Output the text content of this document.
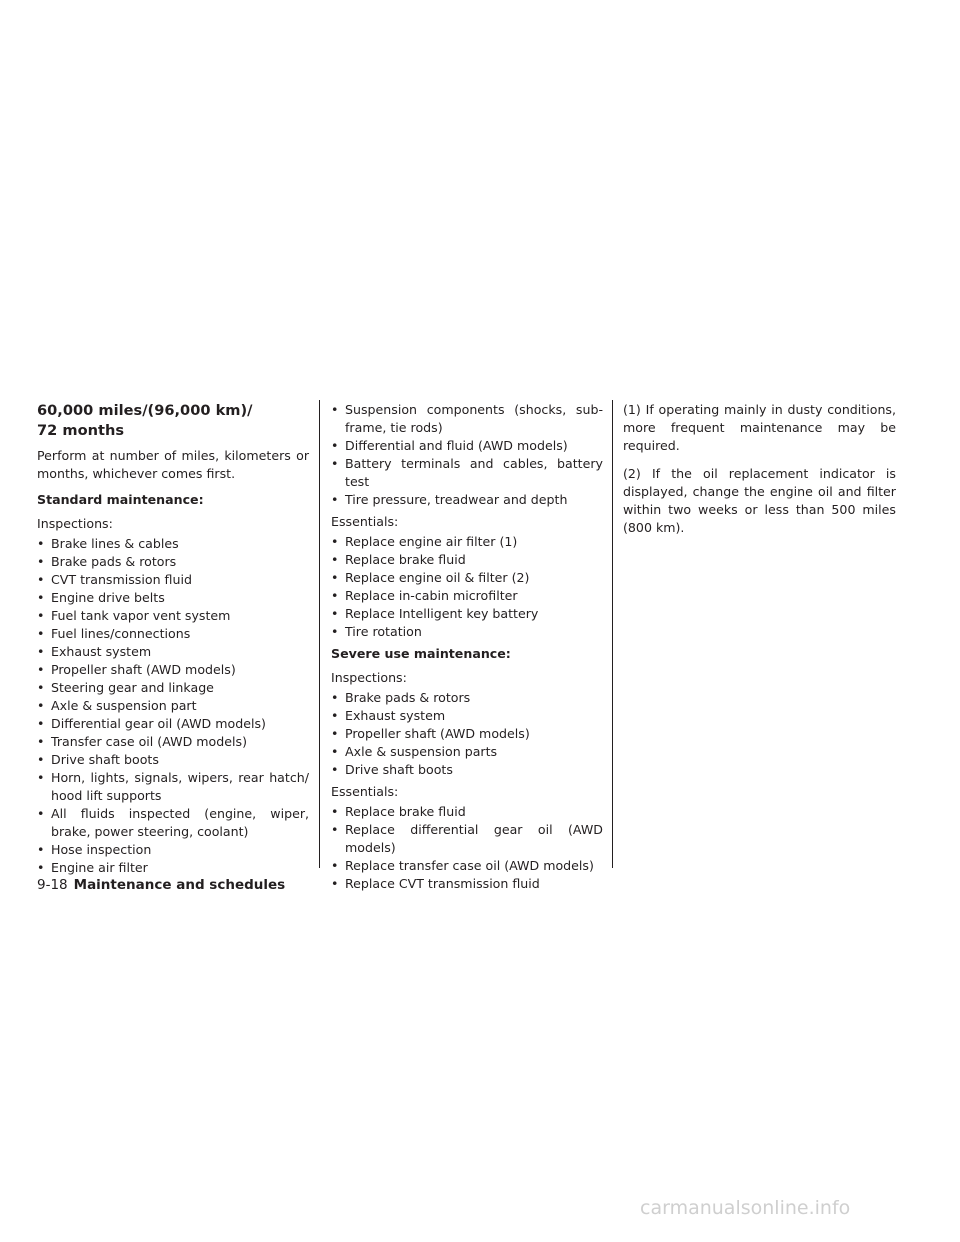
60,000 miles/(96,000 km)/
72 months

Perform at number of miles, kilometers or months, whichever comes first.

Standard maintenance:

Inspections:

• Brake lines & cables
• Brake pads & rotors
• CVT transmission fluid
• Engine drive belts
• Fuel tank vapor vent system
• Fuel lines/connections
• Exhaust system
• Propeller shaft (AWD models)
• Steering gear and linkage
• Axle & suspension part
• Differential gear oil (AWD models)
• Transfer case oil (AWD models)
• Drive shaft boots
• Horn, lights, signals, wipers, rear hatch/ hood lift supports
• All fluids inspected (engine, wiper, brake, power steering, coolant)
• Hose inspection
• Engine air filter
• Suspension components (shocks, sub-frame, tie rods)
• Differential and fluid (AWD models)
• Battery terminals and cables, battery test
• Tire pressure, treadwear and depth

Essentials:

• Replace engine air filter (1)
• Replace brake fluid
• Replace engine oil & filter (2)
• Replace in-cabin microfilter
• Replace Intelligent key battery
• Tire rotation

Severe use maintenance:

Inspections:

• Brake pads & rotors
• Exhaust system
• Propeller shaft (AWD models)
• Axle & suspension parts
• Drive shaft boots

Essentials:

• Replace brake fluid
• Replace differential gear oil (AWD models)
• Replace transfer case oil (AWD models)
• Replace CVT transmission fluid

(1) If operating mainly in dusty conditions, more frequent maintenance may be required.

(2) If the oil replacement indicator is displayed, change the engine oil and filter within two weeks or less than 500 miles (800 km).

9-18 Maintenance and schedules
carmanualsonline.info
